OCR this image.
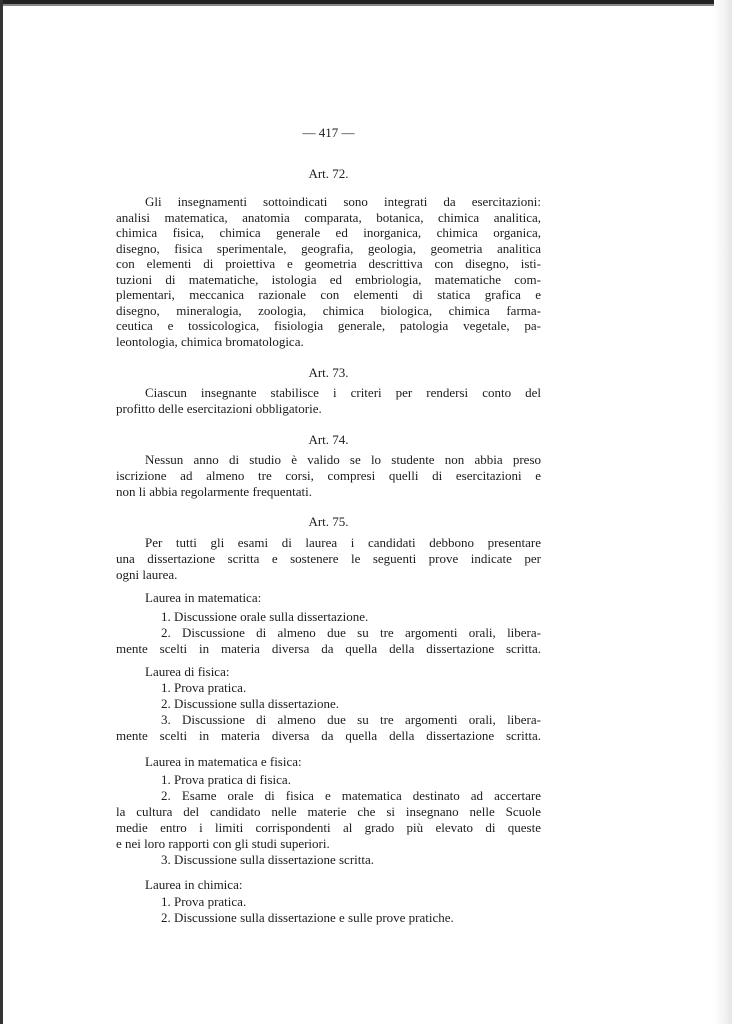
— 417 —
Art. 72.
Gli insegnamenti sottoindicati sono integrati da esercitazioni:
analisi matematica, anatomia comparata, botanica, chimica analitica,
chimica fisica, chimica generale ed inorganica, chimica organica,
disegno, fisica sperimentale, geografia, geologia, geometria analitica
con elementi di proiettiva e geometria descrittiva con disegno, isti-
tuzioni di matematiche, istologia ed embriologia, matematiche com-
plementari, meccanica razionale con elementi di statica grafica e
disegno, mineralogia, zoologia, chimica biologica, chimica farma-
ceutica e tossicologica, fisiologia generale, patologia vegetale, pa-
leontologia, chimica bromatologica.
Art. 73.
Ciascun insegnante stabilisce i criteri per rendersi conto del
profitto delle esercitazioni obbligatorie.
Art. 74.
Nessun anno di studio è valido se lo studente non abbia preso
iscrizione ad almeno tre corsi, compresi quelli di esercitazioni e
non li abbia regolarmente frequentati.
Art. 75.
Per tutti gli esami di laurea i candidati debbono presentare
una dissertazione scritta e sostenere le seguenti prove indicate per
ogni laurea.
Laurea in matematica:
1. Discussione orale sulla dissertazione.
2. Discussione di almeno due su tre argomenti orali, libera-
mente scelti in materia diversa da quella della dissertazione scritta.
Laurea di fisica:
1. Prova pratica.
2. Discussione sulla dissertazione.
3. Discussione di almeno due su tre argomenti orali, libera-
mente scelti in materia diversa da quella della dissertazione scritta.
Laurea in matematica e fisica:
1. Prova pratica di fisica.
2. Esame orale di fisica e matematica destinato ad accertare
la cultura del candidato nelle materie che si insegnano nelle Scuole
medie entro i limiti corrispondenti al grado più elevato di queste
e nei loro rapporti con gli studi superiori.
3. Discussione sulla dissertazione scritta.
Laurea in chimica:
1. Prova pratica.
2. Discussione sulla dissertazione e sulle prove pratiche.
